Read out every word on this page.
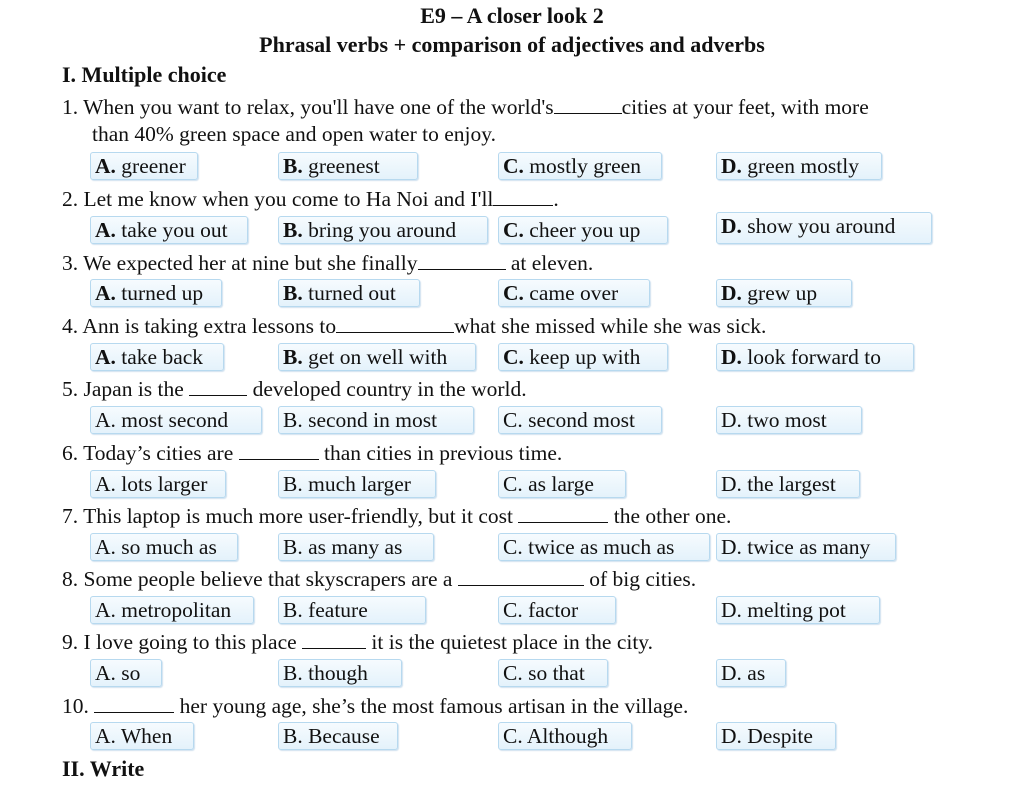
E9 – A closer look 2
Phrasal verbs + comparison of adjectives and adverbs
I. Multiple choice
1. When you want to relax, you'll have one of the world's	cities at your feet, with more
than 40% green space and open water to enjoy.
A. greener	B. greenest	C. mostly green	D. green mostly
2. Let me know when you come to Ha Noi and I'll	.
A. take you out	B. bring you around	C. cheer you up	D. show you around
3. We expected her at nine but she finally	at eleven.
A. turned up	B. turned out	C. came over	D. grew up
4. Ann is taking extra lessons to	what she missed while she was sick.
A. take back	B. get on well with	C. keep up with	D. look forward to
5. Japan is the	developed country in the world.
A. most second	B. second in most	C. second most	D. two most
6. Today’s cities are	than cities in previous time.
A. lots larger	B. much larger	C. as large	D. the largest
7. This laptop is much more user-friendly, but it cost	the other one.
A. so much as	B. as many as	C. twice as much as	D. twice as many
8. Some people believe that skyscrapers are a	of big cities.
A. metropolitan	B. feature	C. factor	D. melting pot
9. I love going to this place	it is the quietest place in the city.
A. so	B. though	C. so that	D. as
10.	her young age, she’s the most famous artisan in the village.
A. When	B. Because	C. Although	D. Despite
II. Write
